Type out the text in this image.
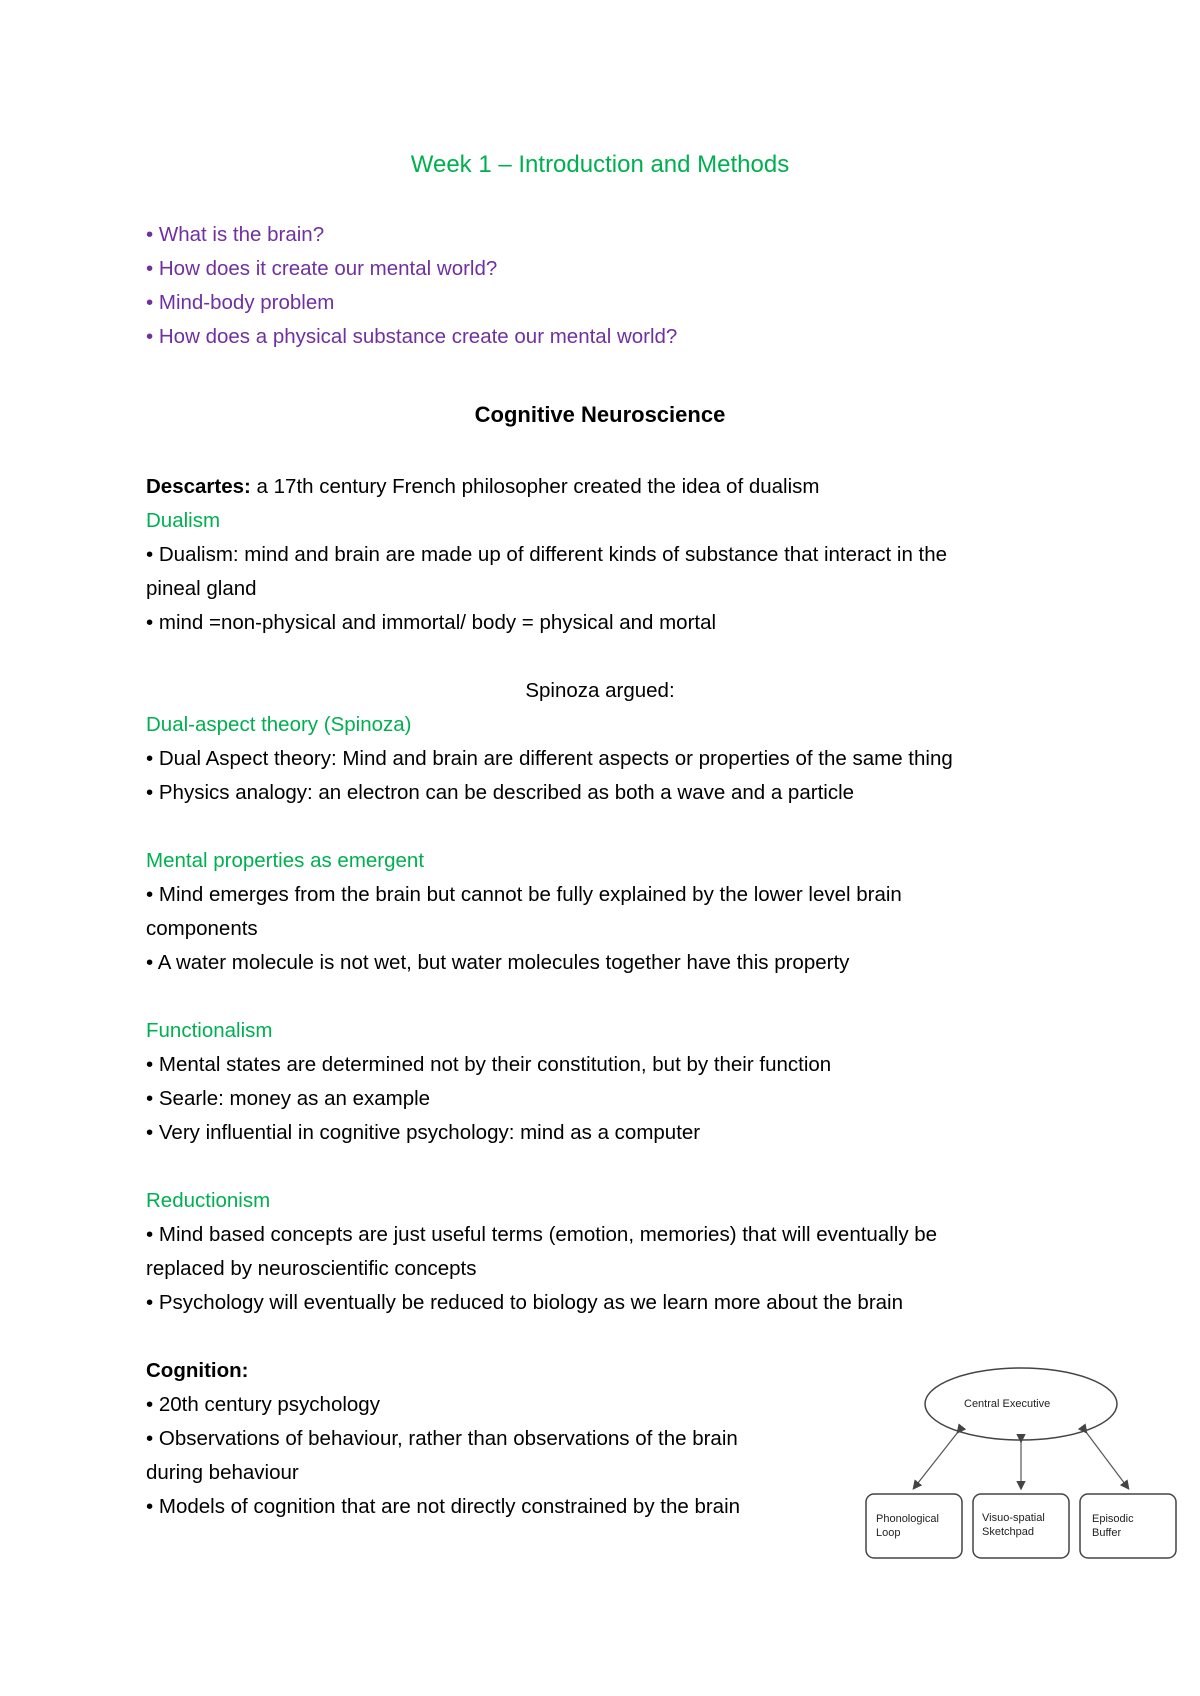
Week 1 – Introduction and Methods
• What is the brain?
• How does it create our mental world?
• Mind-body problem
• How does a physical substance create our mental world?
Cognitive Neuroscience
Descartes: a 17th century French philosopher created the idea of dualism
Dualism
• Dualism: mind and brain are made up of different kinds of substance that interact in the
pineal gland
• mind =non-physical and immortal/ body = physical and mortal
Spinoza argued:
Dual-aspect theory (Spinoza)
• Dual Aspect theory: Mind and brain are different aspects or properties of the same thing
• Physics analogy: an electron can be described as both a wave and a particle
Mental properties as emergent
• Mind emerges from the brain but cannot be fully explained by the lower level brain
components
• A water molecule is not wet, but water molecules together have this property
Functionalism
• Mental states are determined not by their constitution, but by their function
• Searle: money as an example
• Very influential in cognitive psychology: mind as a computer
Reductionism
• Mind based concepts are just useful terms (emotion, memories) that will eventually be
replaced by neuroscientific concepts
• Psychology will eventually be reduced to biology as we learn more about the brain
Cognition:
• 20th century psychology
• Observations of behaviour, rather than observations of the brain
during behaviour
• Models of cognition that are not directly constrained by the brain
Central Executive
Phonological
Loop
Visuo-spatial
Sketchpad
Episodic
Buffer
